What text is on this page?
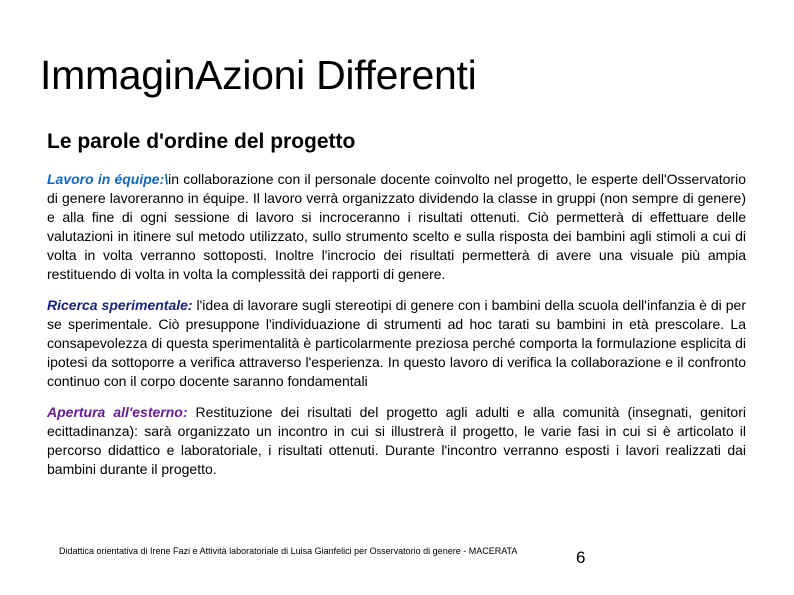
ImmaginAzioni Differenti
Le parole d'ordine del progetto

Lavoro in équipe:\in collaborazione con il personale docente coinvolto nel progetto, le esperte dell'Osservatorio di genere lavoreranno in équipe. Il lavoro verrà organizzato dividendo la classe in gruppi (non sempre di genere) e alla fine di ogni sessione di lavoro si incroceranno i risultati ottenuti. Ciò permetterà di effettuare delle valutazioni in itinere sul metodo utilizzato, sullo strumento scelto e sulla risposta dei bambini agli stimoli a cui di volta in volta verranno sottoposti. Inoltre l'incrocio dei risultati permetterà di avere una visuale più ampia restituendo di volta in volta la complessità dei rapporti di genere.

Ricerca sperimentale: l'idea di lavorare sugli stereotipi di genere con i bambini della scuola dell'infanzia è di per se sperimentale. Ciò presuppone l'individuazione di strumenti ad hoc tarati su bambini in età prescolare. La consapevolezza di questa sperimentalità è particolarmente preziosa perché comporta la formulazione esplicita di ipotesi da sottoporre a verifica attraverso l'esperienza. In questo lavoro di verifica la collaborazione e il confronto continuo con il corpo docente saranno fondamentali

Apertura all'esterno: Restituzione dei risultati del progetto agli adulti e alla comunità (insegnati, genitori ecittadinanza): sarà organizzato un incontro in cui si illustrerà il progetto, le varie fasi in cui si è articolato il percorso didattico e laboratoriale, i risultati ottenuti. Durante l'incontro verranno esposti i lavori realizzati dai bambini durante il progetto.

Didattica orientativa di Irene Fazi e Attività laboratoriale di Luisa Gianfelici per Osservatorio di genere - MACERATA	6
